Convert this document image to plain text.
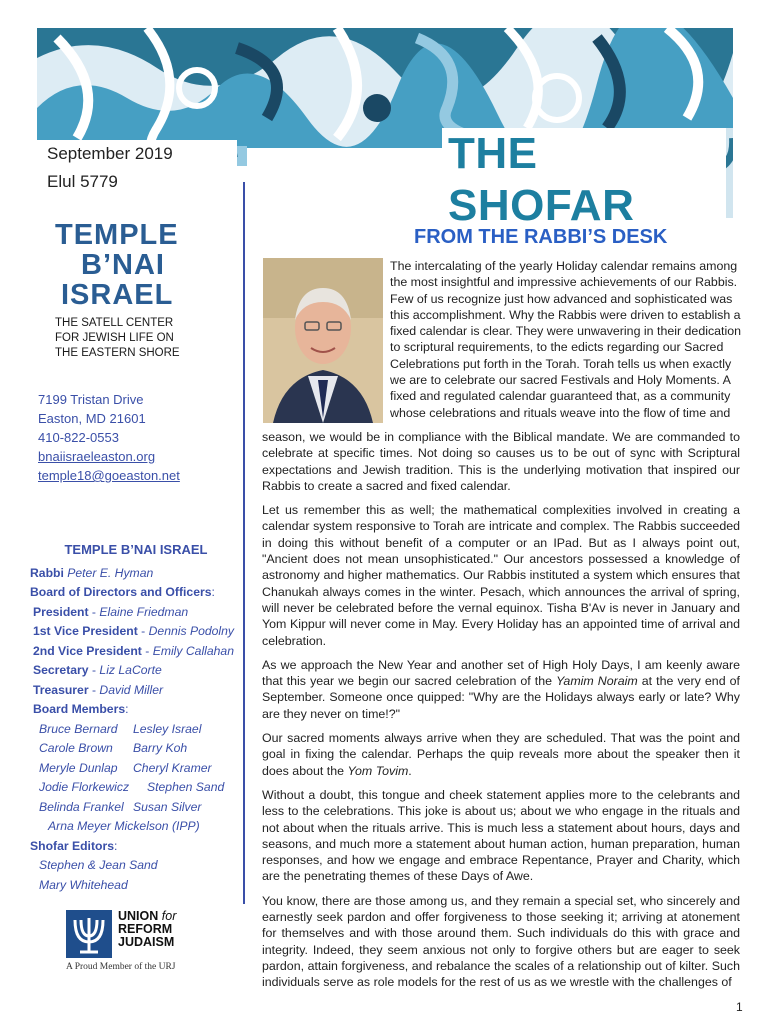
THE SHOFAR
September 2019
Elul 5779
TEMPLE
B’NAI
ISRAEL
THE SATELL CENTER
FOR JEWISH LIFE ON
THE EASTERN SHORE
7199 Tristan Drive
Easton, MD 21601
410-822-0553
bnaiisraeleaston.org
temple18@goeaston.net
TEMPLE B’NAI ISRAEL
Rabbi Peter E. Hyman
Board of Directors and Officers:
President - Elaine Friedman
1st Vice President - Dennis Podolny
2nd Vice President - Emily Callahan
Secretary - Liz LaCorte
Treasurer - David Miller
Board Members:
Bruce Bernard Lesley Israel
Carole Brown Barry Koh
Meryle Dunlap Cheryl Kramer
Jodie Florkewicz Stephen Sand
Belinda Frankel Susan Silver
Arna Meyer Mickelson (IPP)
Shofar Editors:
Stephen & Jean Sand
Mary Whitehead
UNION for
REFORM
JUDAISM
A Proud Member of the URJ
FROM THE RABBI’S DESK
The intercalating of the yearly Holiday calendar remains among
the most insightful and impressive achievements of our Rabbis.
Few of us recognize just how advanced and sophisticated was
this accomplishment. Why the Rabbis were driven to establish a
fixed calendar is clear. They were unwavering in their dedication
to scriptural requirements, to the edicts regarding our Sacred
Celebrations put forth in the Torah. Torah tells us when exactly
we are to celebrate our sacred Festivals and Holy Moments. A
fixed and regulated calendar guaranteed that, as a community
whose celebrations and rituals weave into the flow of time and

season, we would be in compliance with the Biblical mandate. We are commanded to celebrate at specific times. Not doing so causes us to be out of sync with Scriptural expectations and Jewish tradition. This is the underlying motivation that inspired our Rabbis to create a sacred and fixed calendar.

Let us remember this as well; the mathematical complexities involved in creating a calendar system responsive to Torah are intricate and complex. The Rabbis succeeded in doing this without benefit of a computer or an IPad. But as I always point out, "Ancient does not mean unsophisticated." Our ancestors possessed a knowledge of astronomy and higher mathematics. Our Rabbis instituted a system which ensures that Chanukah always comes in the winter. Pesach, which announces the arrival of spring, will never be celebrated before the vernal equinox. Tisha B'Av is never in January and Yom Kippur will never come in May. Every Holiday has an appointed time of arrival and celebration.

As we approach the New Year and another set of High Holy Days, I am keenly aware that this year we begin our sacred celebration of the Yamim Noraim at the very end of September. Someone once quipped: "Why are the Holidays always early or late? Why are they never on time!?"

Our sacred moments always arrive when they are scheduled. That was the point and goal in fixing the calendar. Perhaps the quip reveals more about the speaker then it does about the Yom Tovim.

Without a doubt, this tongue and cheek statement applies more to the celebrants and less to the celebrations. This joke is about us; about we who engage in the rituals and not about when the rituals arrive. This is much less a statement about hours, days and seasons, and much more a statement about human action, human preparation, human responses, and how we engage and embrace Repentance, Prayer and Charity, which are the penetrating themes of these Days of Awe.

You know, there are those among us, and they remain a special set, who sincerely and earnestly seek pardon and offer forgiveness to those seeking it; arriving at atonement for themselves and with those around them. Such individuals do this with grace and integrity. Indeed, they seem anxious not only to forgive others but are eager to seek pardon, attain forgiveness, and rebalance the scales of a relationship out of kilter. Such individuals serve as role models for the rest of us as we wrestle with the challenges of

1
